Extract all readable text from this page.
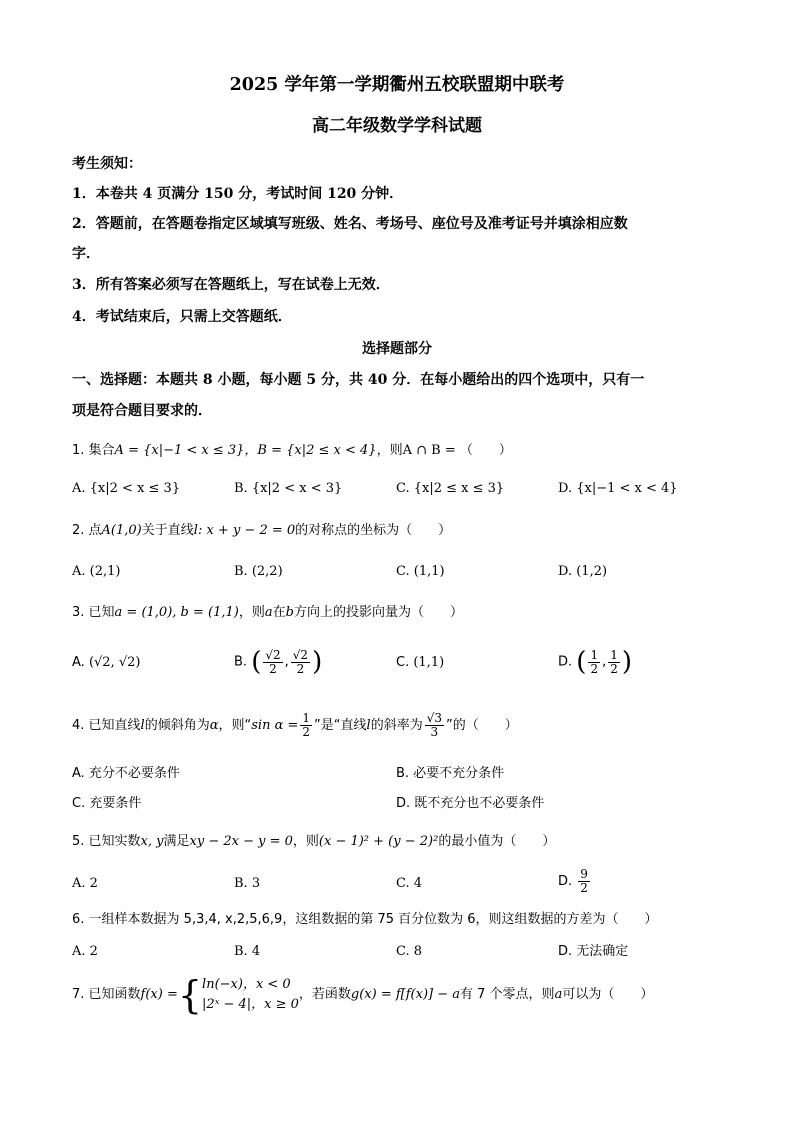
2025 学年第一学期衢州五校联盟期中联考
高二年级数学学科试题
考生须知：
1．本卷共 4 页满分 150 分，考试时间 120 分钟．
2．答题前，在答题卷指定区域填写班级、姓名、考场号、座位号及准考证号并填涂相应数
字．
3．所有答案必须写在答题纸上，写在试卷上无效．
4．考试结束后，只需上交答题纸．
选择题部分
一、选择题：本题共 8 小题，每小题 5 分，共 40 分．在每小题给出的四个选项中，只有一
项是符合题目要求的．
1. 集合A = {x|−1 < x ≤ 3}，B = {x|2 ≤ x < 4}，则A ∩ B = （　　）
A. {x|2 < x ≤ 3}	B. {x|2 < x < 3}	C. {x|2 ≤ x ≤ 3}	D. {x|−1 < x < 4}
2. 点A(1,0)关于直线l: x + y − 2 = 0的对称点的坐标为（　　）
A. (2,1)	B. (2,2)	C. (1,1)	D. (1,2)
3. 已知a = (1,0), b = (1,1)，则a在b方向上的投影向量为（　　）
A. (√2, √2)	B. ( $\frac{√2}{2}$ , $\frac{√2}{2}$ )	C. (1,1)	D. ( $\frac{1}{2}$ , $\frac{1}{2}$ )
4. 已知直线l的倾斜角为α，则“sin $\alpha = \frac{1}{2}$ ”是“直线l的斜率为 $\frac{√3}{3}$ ”的（　　）
A. 充分不必要条件	B. 必要不充分条件
C. 充要条件	D. 既不充分也不必要条件
5. 已知实数x, y满足xy − 2x − y = 0，则(x − 1)² + (y − 2)²的最小值为（　　）
A. 2	B. 3	C. 4	D. $\frac{9}{2}$
6. 一组样本数据为 5,3,4, x,2,5,6,9，这组数据的第 75 百分位数为 6，则这组数据的方差为（　　）
A. 2	B. 4	C. 8	D. 无法确定
7. 已知函数f(x) ={ ln(−x)，x < 0
|2ˣ − 4|，x ≥ 0
，若函数g(x) = f[f(x)] − a有 7 个零点，则a可以为（　　）
